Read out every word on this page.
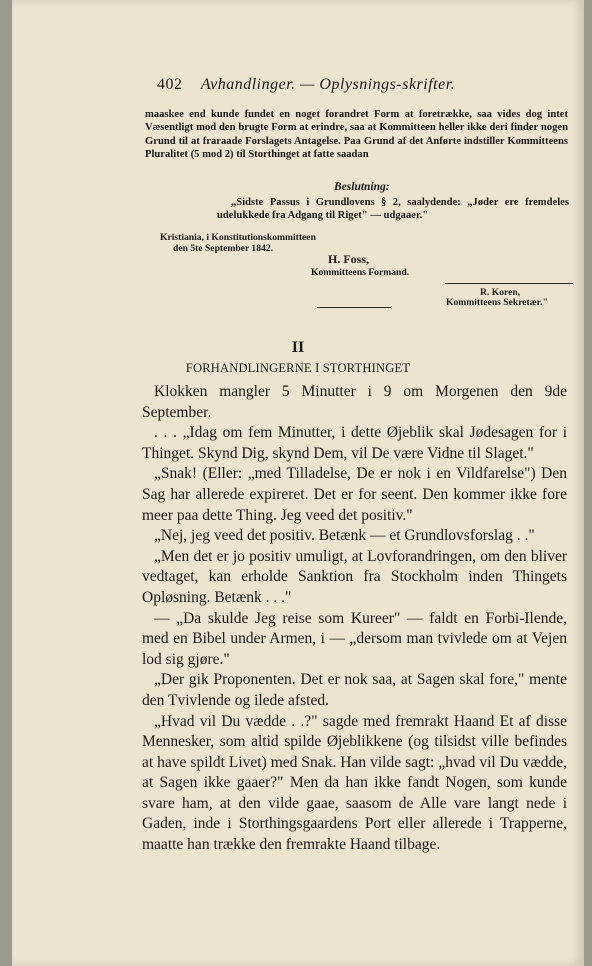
402 Avhandlinger. — Oplysnings-skrifter.
maaskee end kunde fundet en noget forandret Form at foretrække, saa vides dog intet Væsentligt mod den brugte Form at erindre, saa at Kommitteen heller ikke deri finder nogen Grund til at fraraade Forslagets Antagelse. Paa Grund af det Anførte indstiller Kommitteens Pluralitet (5 mod 2) til Storthinget at fatte saadan
Beslutning:
„Sidste Passus i Grundlovens § 2, saalydende: „Jøder ere fremdeles udelukkede fra Adgang til Riget" — udgaaer."
Kristiania, i Konstitutionskommitteen
den 5te September 1842.
H. Foss,
Kommitteens Formand.
R. Koren,
Kommitteens Sekretær."
II
FORHANDLINGERNE I STORTHINGET

Klokken mangler 5 Minutter i 9 om Morgenen den 9de September.

. . . „Idag om fem Minutter, i dette Øjeblik skal Jødesagen for i Thinget. Skynd Dig, skynd Dem, vil De være Vidne til Slaget."

„Snak! (Eller: „med Tilladelse, De er nok i en Vildfarelse") Den Sag har allerede expireret. Det er for seent. Den kommer ikke fore meer paa dette Thing. Jeg veed det positiv."

„Nej, jeg veed det positiv. Betænk — et Grundlovsforslag . ."

„Men det er jo positiv umuligt, at Lovforandringen, om den bliver vedtaget, kan erholde Sanktion fra Stockholm inden Thingets Opløsning. Betænk . . ."

— „Da skulde Jeg reise som Kureer" — faldt en Forbi-Ilende, med en Bibel under Armen, i — „dersom man tvivlede om at Vejen lod sig gjøre."

„Der gik Proponenten. Det er nok saa, at Sagen skal fore," mente den Tvivlende og ilede afsted.

„Hvad vil Du vædde . .?" sagde med fremrakt Haand Et af disse Mennesker, som altid spilde Øjeblikkene (og tilsidst ville befindes at have spildt Livet) med Snak. Han vilde sagt: „hvad vil Du vædde, at Sagen ikke gaaer?" Men da han ikke fandt Nogen, som kunde svare ham, at den vilde gaae, saasom de Alle vare langt nede i Gaden, inde i Storthingsgaardens Port eller allerede i Trapperne, maatte han trække den fremrakte Haand tilbage.
